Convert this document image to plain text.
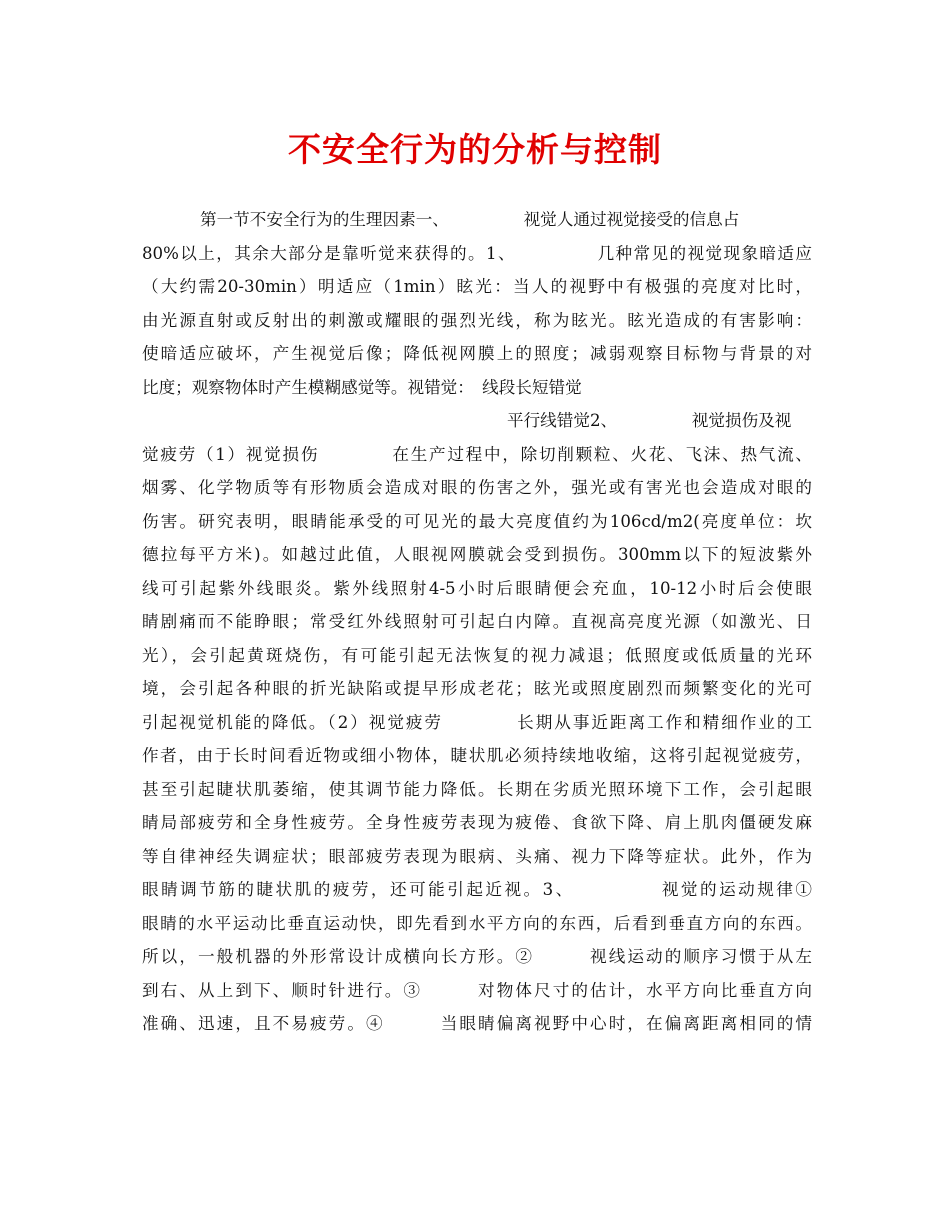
不安全行为的分析与控制
第一节不安全行为的生理因素一、　　　　　视觉人通过视觉接受的信息占
80%以上，其余大部分是靠听觉来获得的。1、　　　　　几种常见的视觉现象暗适应
（大约需20-30min）明适应（1min）眩光：当人的视野中有极强的亮度对比时，
由光源直射或反射出的刺激或耀眼的强烈光线，称为眩光。眩光造成的有害影响：
使暗适应破坏，产生视觉后像；降低视网膜上的照度；减弱观察目标物与背景的对
比度；观察物体时产生模糊感觉等。视错觉：　线段长短错觉
平行线错觉2、　　　　　视觉损伤及视
觉疲劳（1）视觉损伤　　　　在生产过程中，除切削颗粒、火花、飞沫、热气流、
烟雾、化学物质等有形物质会造成对眼的伤害之外，强光或有害光也会造成对眼的
伤害。研究表明，眼睛能承受的可见光的最大亮度值约为106cd/m2(亮度单位：坎
德拉每平方米)。如越过此值，人眼视网膜就会受到损伤。300mm以下的短波紫外
线可引起紫外线眼炎。紫外线照射4-5小时后眼睛便会充血，10-12小时后会使眼
睛剧痛而不能睁眼；常受红外线照射可引起白内障。直视高亮度光源（如激光、日
光），会引起黄斑烧伤，有可能引起无法恢复的视力减退；低照度或低质量的光环
境，会引起各种眼的折光缺陷或提早形成老花；眩光或照度剧烈而频繁变化的光可
引起视觉机能的降低。（2）视觉疲劳　　　　长期从事近距离工作和精细作业的工
作者，由于长时间看近物或细小物体，睫状肌必须持续地收缩，这将引起视觉疲劳，
甚至引起睫状肌萎缩，使其调节能力降低。长期在劣质光照环境下工作，会引起眼
睛局部疲劳和全身性疲劳。全身性疲劳表现为疲倦、食欲下降、肩上肌肉僵硬发麻
等自律神经失调症状；眼部疲劳表现为眼病、头痛、视力下降等症状。此外，作为
眼睛调节筋的睫状肌的疲劳，还可能引起近视。3、　　　　　视觉的运动规律①
眼睛的水平运动比垂直运动快，即先看到水平方向的东西，后看到垂直方向的东西。
所以，一般机器的外形常设计成横向长方形。②　　　视线运动的顺序习惯于从左
到右、从上到下、顺时针进行。③　　　对物体尺寸的估计，水平方向比垂直方向
准确、迅速，且不易疲劳。④　　　当眼睛偏离视野中心时，在偏离距离相同的情
